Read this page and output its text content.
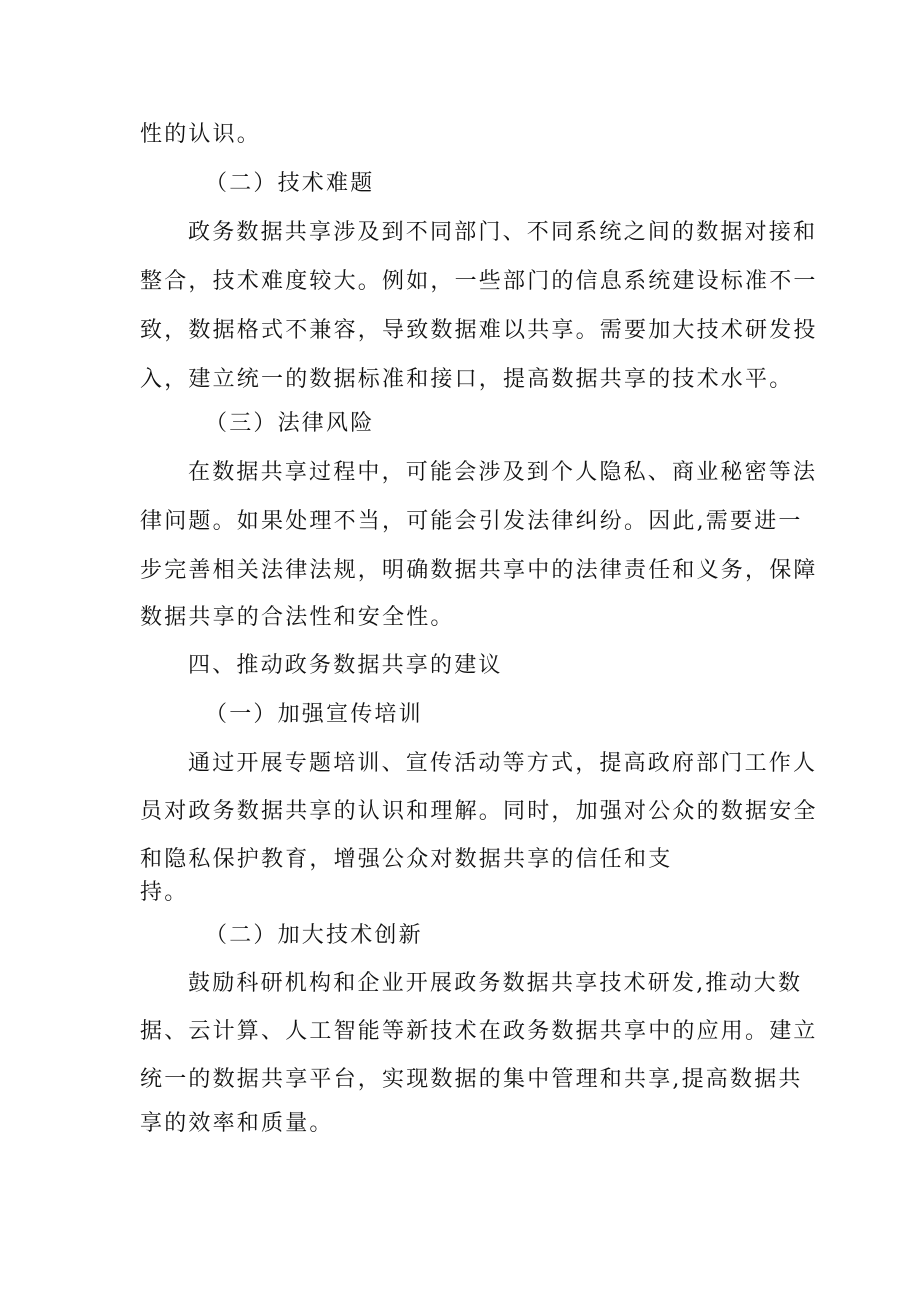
性的认识。
（二）技术难题
政务数据共享涉及到不同部门、不同系统之间的数据对接和
整合，技术难度较大。例如，一些部门的信息系统建设标准不一
致，数据格式不兼容，导致数据难以共享。需要加大技术研发投
入，建立统一的数据标准和接口，提高数据共享的技术水平。
（三）法律风险
在数据共享过程中，可能会涉及到个人隐私、商业秘密等法
律问题。如果处理不当，可能会引发法律纠纷。因此,需要进一
步完善相关法律法规，明确数据共享中的法律责任和义务，保障
数据共享的合法性和安全性。
四、推动政务数据共享的建议
（一）加强宣传培训
通过开展专题培训、宣传活动等方式，提高政府部门工作人
员对政务数据共享的认识和理解。同时，加强对公众的数据安全
和隐私保护教育，增强公众对数据共享的信任和支
持。
（二）加大技术创新
鼓励科研机构和企业开展政务数据共享技术研发,推动大数
据、云计算、人工智能等新技术在政务数据共享中的应用。建立
统一的数据共享平台，实现数据的集中管理和共享,提高数据共
享的效率和质量。
